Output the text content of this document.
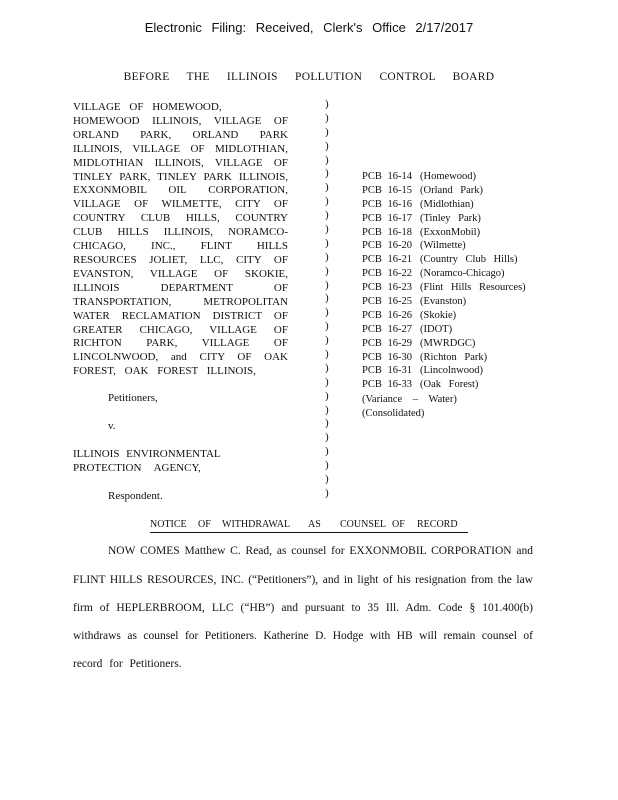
Electronic Filing: Received, Clerk's Office 2/17/2017
BEFORE THE ILLINOIS POLLUTION CONTROL BOARD
VILLAGE OF HOMEWOOD,
HOMEWOOD ILLINOIS, VILLAGE OF
ORLAND PARK, ORLAND PARK
ILLINOIS, VILLAGE OF MIDLOTHIAN,
MIDLOTHIAN ILLINOIS, VILLAGE OF
TINLEY PARK, TINLEY PARK ILLINOIS,
EXXONMOBIL OIL CORPORATION,
VILLAGE OF WILMETTE, CITY OF
COUNTRY CLUB HILLS, COUNTRY
CLUB HILLS ILLINOIS, NORAMCO-
CHICAGO, INC., FLINT HILLS
RESOURCES JOLIET, LLC, CITY OF
EVANSTON, VILLAGE OF SKOKIE,
ILLINOIS DEPARTMENT OF
TRANSPORTATION, METROPOLITAN
WATER RECLAMATION DISTRICT OF
GREATER CHICAGO, VILLAGE OF
RICHTON PARK, VILLAGE OF
LINCOLNWOOD, and CITY OF OAK
FOREST, OAK FOREST ILLINOIS,
Petitioners,
v.
ILLINOIS ENVIRONMENTAL
PROTECTION AGENCY,
Respondent.
)
)
)
)
)
)
)
)
)
)
)
)
)
)
)
)
)
)
)
)
)
)
)
)
)
)
)
)
)
PCB 16-14 (Homewood)
PCB 16-15 (Orland Park)
PCB 16-16 (Midlothian)
PCB 16-17 (Tinley Park)
PCB 16-18 (ExxonMobil)
PCB 16-20 (Wilmette)
PCB 16-21 (Country Club Hills)
PCB 16-22 (Noramco-Chicago)
PCB 16-23 (Flint Hills Resources)
PCB 16-25 (Evanston)
PCB 16-26 (Skokie)
PCB 16-27 (IDOT)
PCB 16-29 (MWRDGC)
PCB 16-30 (Richton Park)
PCB 16-31 (Lincolnwood)
PCB 16-33 (Oak Forest)
(Variance – Water)
(Consolidated)
NOTICE OF WITHDRAWAL AS COUNSEL OF RECORD
NOW COMES Matthew C. Read, as counsel for EXXONMOBIL CORPORATION and
FLINT HILLS RESOURCES, INC. (“Petitioners”), and in light of his resignation from the law
firm of HEPLERBROOM, LLC (“HB”) and pursuant to 35 Ill. Adm. Code § 101.400(b)
withdraws as counsel for Petitioners. Katherine D. Hodge with HB will remain counsel of
record for Petitioners.
